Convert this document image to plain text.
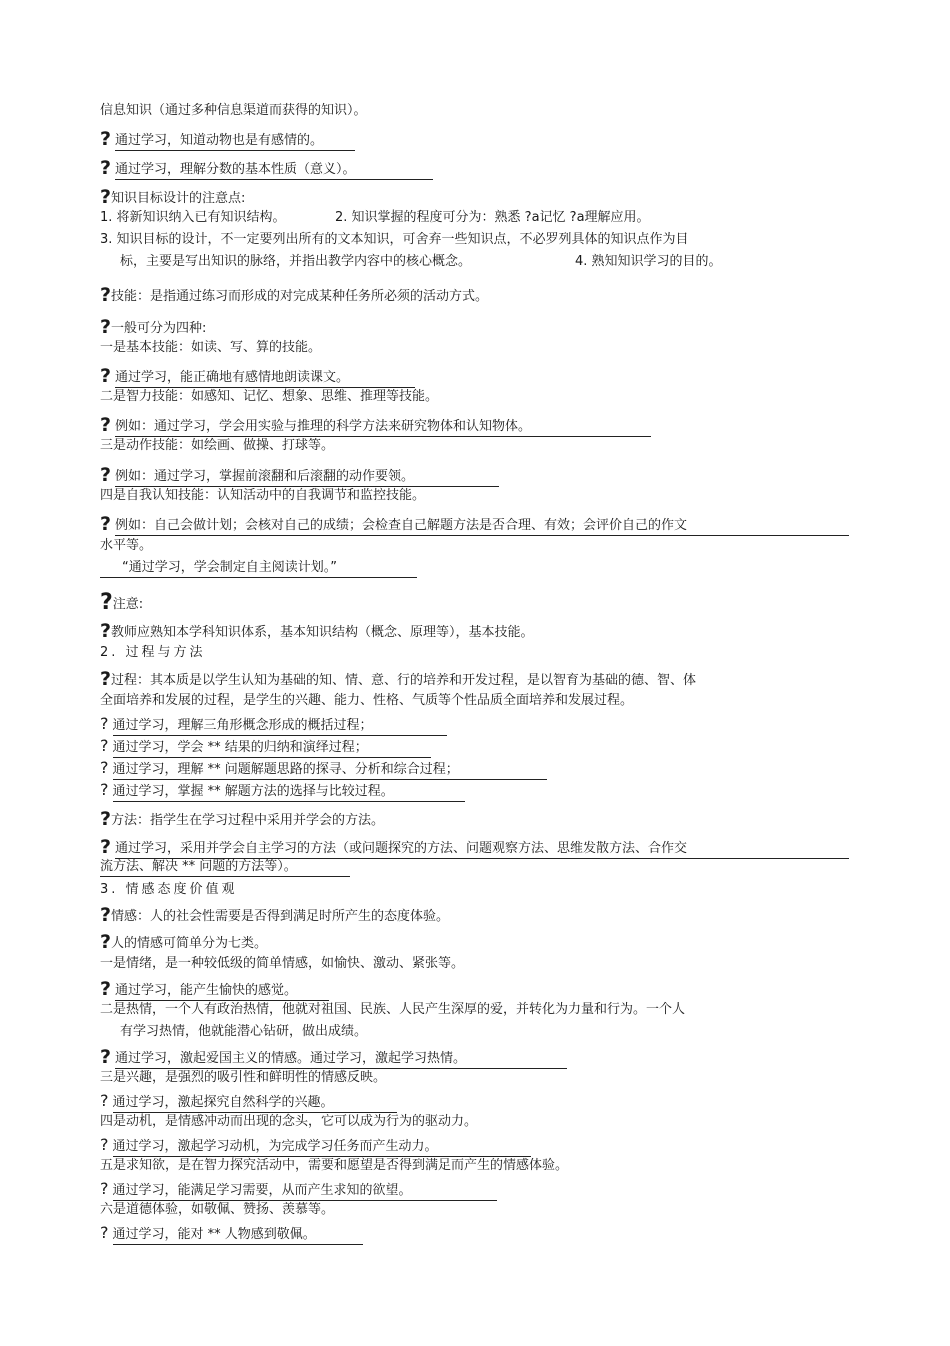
信息知识（通过多种信息渠道而获得的知识）。
? 通过学习，知道动物也是有感情的。
? 通过学习，理解分数的基本性质（意义）。
?知识目标设计的注意点:
1. 将新知识纳入已有知识结构。	2. 知识掌握的程度可分为：熟悉 ?a记忆 ?a理解应用。
3. 知识目标的设计，不一定要列出所有的文本知识，可舍弃一些知识点，不必罗列具体的知识点作为目
标，主要是写出知识的脉络，并指出教学内容中的核心概念。	4. 熟知知识学习的目的。
?技能：是指通过练习而形成的对完成某种任务所必须的活动方式。
?一般可分为四种:
一是基本技能：如读、写、算的技能。
? 通过学习，能正确地有感情地朗读课文。
二是智力技能：如感知、记忆、想象、思维、推理等技能。
? 例如：通过学习，学会用实验与推理的科学方法来研究物体和认知物体。
三是动作技能：如绘画、做操、打球等。
? 例如：通过学习，掌握前滚翻和后滚翻的动作要领。
四是自我认知技能：认知活动中的自我调节和监控技能。
? 例如：自己会做计划；会核对自己的成绩；会检查自己解题方法是否合理、有效；会评价自己的作文
水平等。
“通过学习，学会制定自主阅读计划。”
?注意:
?教师应熟知本学科知识体系，基本知识结构（概念、原理等），基本技能。
2. 过程与方法
?过程：其本质是以学生认知为基础的知、情、意、行的培养和开发过程，是以智育为基础的德、智、体
全面培养和发展的过程，是学生的兴趣、能力、性格、气质等个性品质全面培养和发展过程。
? 通过学习，理解三角形概念形成的概括过程；
? 通过学习，学会 ** 结果的归纳和演绎过程；
? 通过学习，理解 ** 问题解题思路的探寻、分析和综合过程；
? 通过学习，掌握 ** 解题方法的选择与比较过程。
?方法：指学生在学习过程中采用并学会的方法。
? 通过学习，采用并学会自主学习的方法（或问题探究的方法、问题观察方法、思维发散方法、合作交
流方法、解决 ** 问题的方法等）。
3. 情感态度价值观
?情感：人的社会性需要是否得到满足时所产生的态度体验。
?人的情感可简单分为七类。
一是情绪，是一种较低级的简单情感，如愉快、激动、紧张等。
? 通过学习，能产生愉快的感觉。
二是热情，一个人有政治热情，他就对祖国、民族、人民产生深厚的爱，并转化为力量和行为。一个人
有学习热情，他就能潜心钻研，做出成绩。
? 通过学习，激起爱国主义的情感。通过学习，激起学习热情。
三是兴趣，是强烈的吸引性和鲜明性的情感反映。
? 通过学习，激起探究自然科学的兴趣。
四是动机，是情感冲动而出现的念头，它可以成为行为的驱动力。
? 通过学习，激起学习动机，为完成学习任务而产生动力。
五是求知欲，是在智力探究活动中，需要和愿望是否得到满足而产生的情感体验。
? 通过学习，能满足学习需要，从而产生求知的欲望。
六是道德体验，如敬佩、赞扬、羡慕等。
? 通过学习，能对 ** 人物感到敬佩。
